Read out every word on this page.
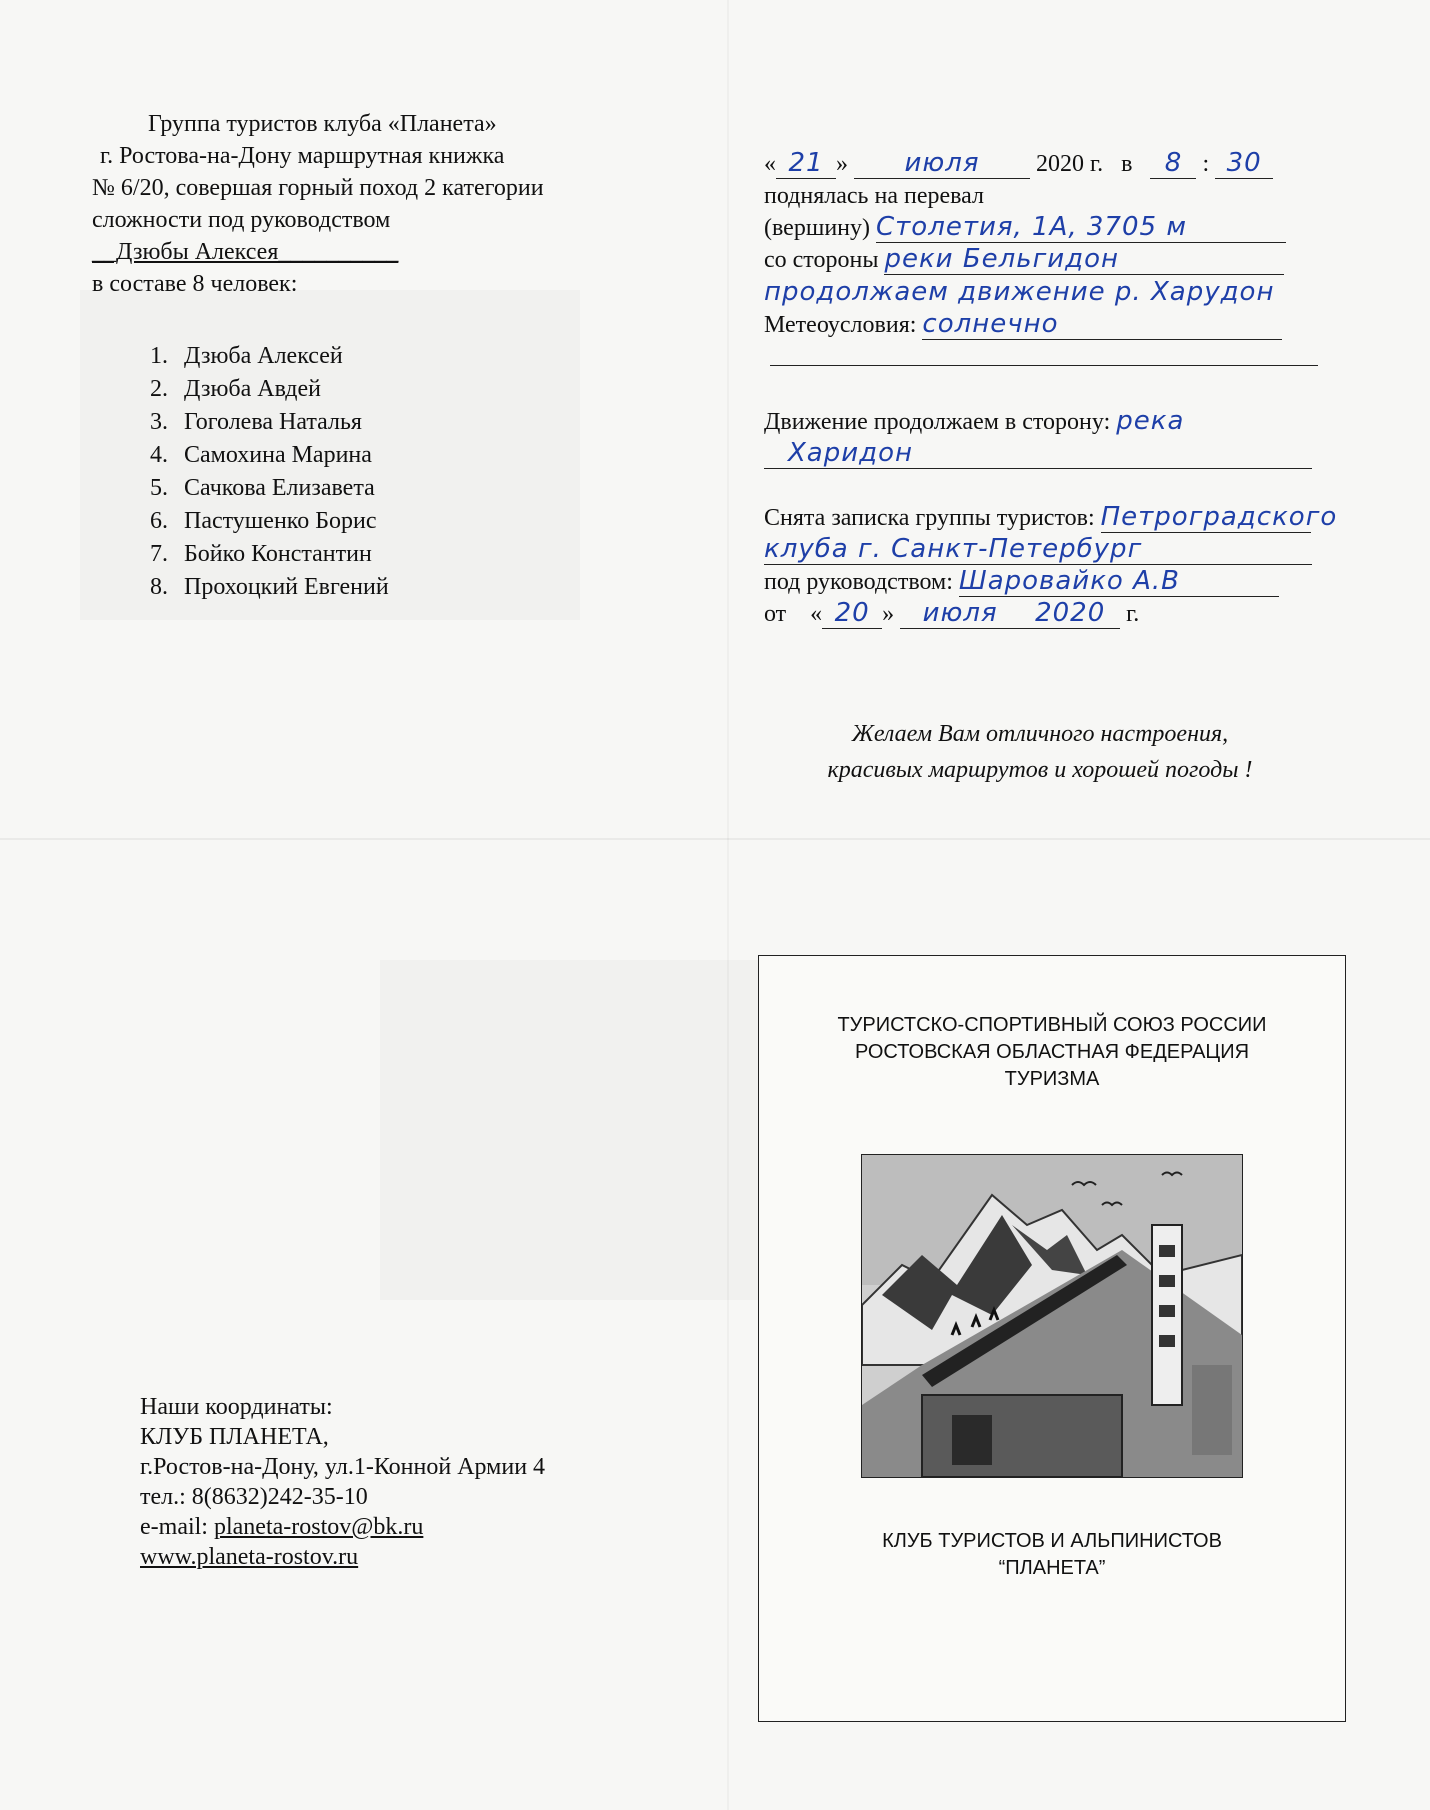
Группа туристов клуба «Планета»
г. Ростова-на-Дону маршрутная книжка
№ 6/20, совершая горный поход 2 категории
сложности под руководством
__Дзюбы Алексея__________
в составе 8 человек:
1. Дзюба Алексей
2. Дзюба Авдей
3. Гоголева Наталья
4. Самохина Марина
5. Сачкова Елизавета
6. Пастушенко Борис
7. Бойко Константин
8. Прохоцкий Евгений
« 21 » июля 2020 г. в 8 : 30
поднялась на перевал
(вершину) Столетия, 1А, 3705 м
со стороны реки Бельгидон
продолжаем движение р. Харудон
Метеоусловия: солнечно
Движение продолжаем в сторону: река
Харидон
Снята записка группы туристов: Петроградского
клуба г. Санкт-Петербург
под руководством: Шаровайко А.В
от « 20 » июля 2020 г.
Желаем Вам отличного настроения,
красивых маршрутов и хорошей погоды !
Наши координаты:
КЛУБ ПЛАНЕТА,
г.Ростов-на-Дону, ул.1-Конной Армии 4
тел.: 8(8632)242-35-10
e-mail: planeta-rostov@bk.ru
www.planeta-rostov.ru
ТУРИСТСКО-СПОРТИВНЫЙ СОЮЗ РОССИИ
РОСТОВСКАЯ ОБЛАСТНАЯ ФЕДЕРАЦИЯ
ТУРИЗМА
КЛУБ ТУРИСТОВ И АЛЬПИНИСТОВ
“ПЛАНЕТА”
